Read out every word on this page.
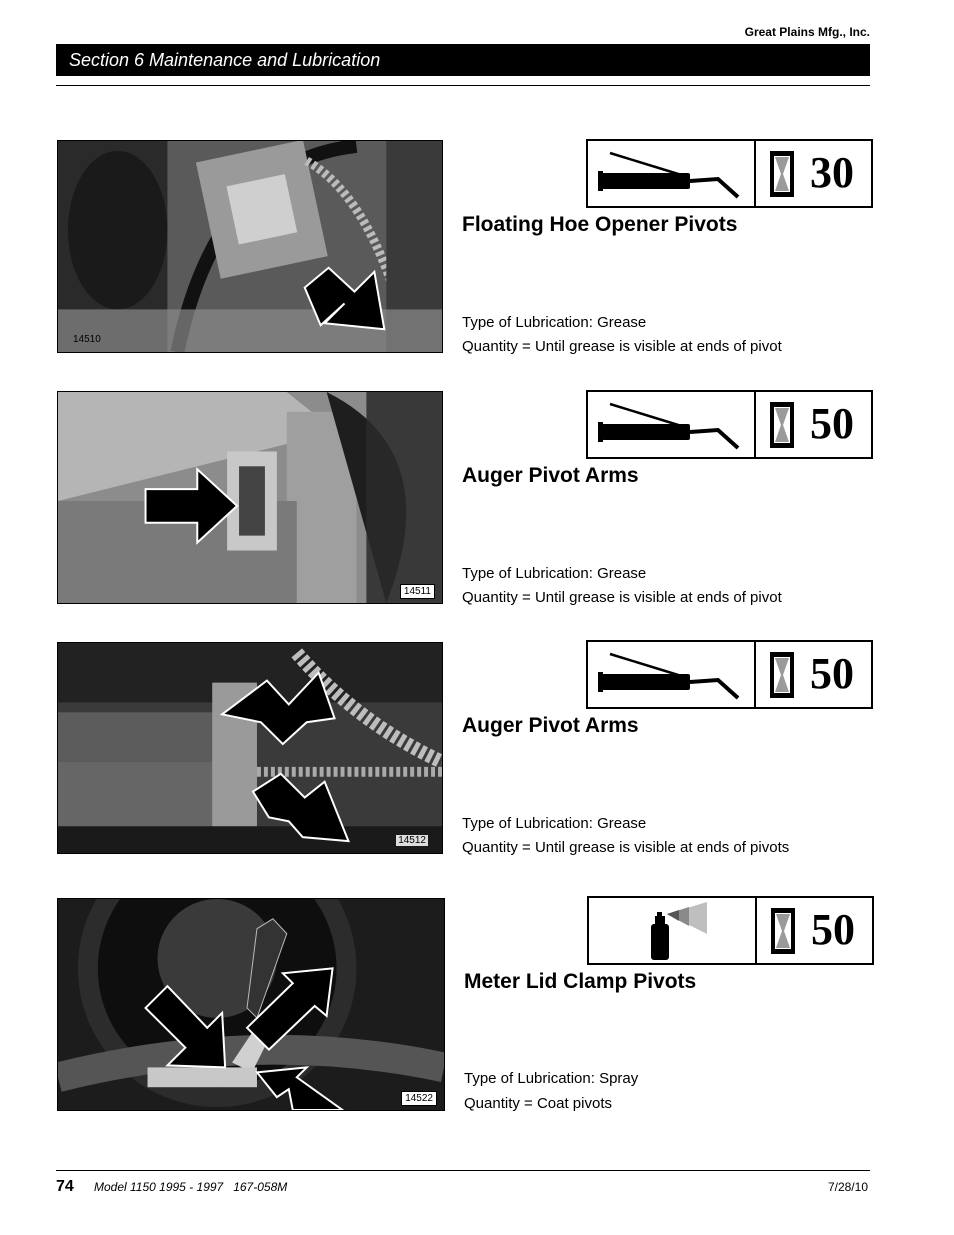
Great Plains Mfg., Inc.
Section 6 Maintenance and Lubrication
14510
30
Floating Hoe Opener Pivots
Type of Lubrication: Grease
Quantity = Until grease is visible at ends of pivot
14511
50
Auger Pivot Arms
Type of Lubrication: Grease
Quantity = Until grease is visible at ends of pivot
14512
50
Auger Pivot Arms
Type of Lubrication: Grease
Quantity = Until grease is visible at ends of pivots
14522
50
Meter Lid Clamp Pivots
Type of Lubrication: Spray
Quantity = Coat pivots
74 Model 1150 1995 - 1997   167-058M	7/28/10
